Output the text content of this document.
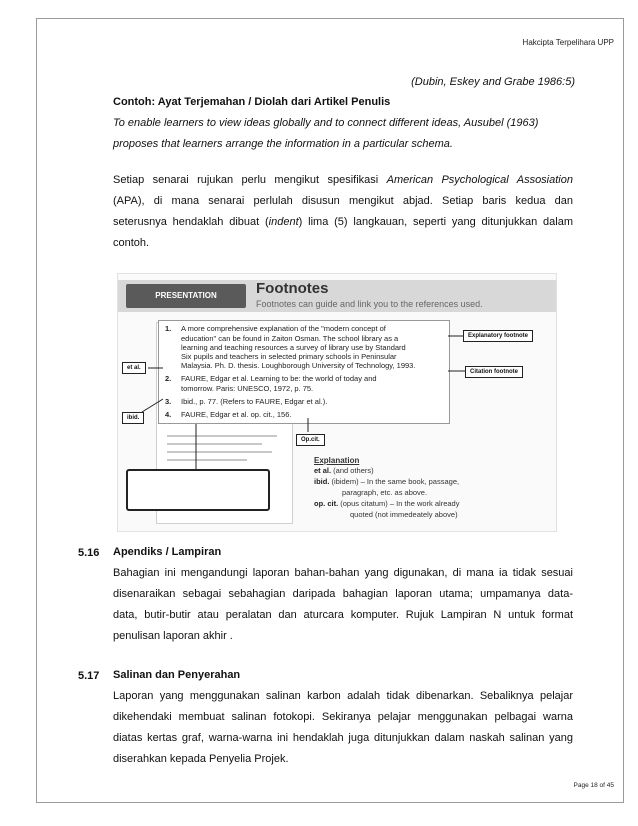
Hakcipta Terpelihara UPP
(Dubin, Eskey and Grabe 1986:5)
Contoh: Ayat Terjemahan / Diolah dari Artikel Penulis
To enable learners to view ideas globally and to connect different ideas, Ausubel (1963)
proposes that learners arrange the information in a particular schema.
Setiap senarai rujukan perlu mengikut spesifikasi American Psychological Assosiation
(APA), di mana senarai perlulah disusun mengikut abjad. Setiap baris kedua dan
seterusnya hendaklah dibuat (indent) lima (5) langkauan, seperti yang ditunjukkan dalam
contoh.
PRESENTATION	Footnotes
Footnotes can guide and link you to the references used.
1. A more comprehensive explanation of the "modern concept of
education" can be found in Zaiton Osman. The school library as a
learning and teaching resources a survey of library use by Standard
Six pupils and teachers in selected primary schools in Peninsular
Malaysia. Ph. D. thesis. Loughborough University of Technology, 1993.
2. FAURE, Edgar et al. Learning to be: the world of today and
tomorrow. Paris: UNESCO, 1972, p. 75.
3. Ibid., p. 77. (Refers to FAURE, Edgar et al.).
4. FAURE, Edgar et al. op. cit., 156.
Explanatory footnote
Citation footnote
et al.
ibid.
Op.cit.
Explanation
et al. (and others)
ibid. (ibidem) – In the same book, passage,
paragraph, etc. as above.
op. cit. (opus citatum) – In the work already
quoted (not immedeately above)
5.16 Apendiks / Lampiran
Bahagian ini mengandungi laporan bahan-bahan yang digunakan, di mana ia tidak sesuai
disenaraikan sebagai sebahagian daripada bahagian laporan utama; umpamanya data-
data, butir-butir atau peralatan dan aturcara komputer. Rujuk Lampiran N untuk format
penulisan laporan akhir .
5.17 Salinan dan Penyerahan
Laporan yang menggunakan salinan karbon adalah tidak dibenarkan. Sebaliknya pelajar
dikehendaki membuat salinan fotokopi. Sekiranya pelajar menggunakan pelbagai warna
diatas kertas graf, warna-warna ini hendaklah juga ditunjukkan dalam naskah salinan yang
diserahkan kepada Penyelia Projek.
Page 18 of 45
